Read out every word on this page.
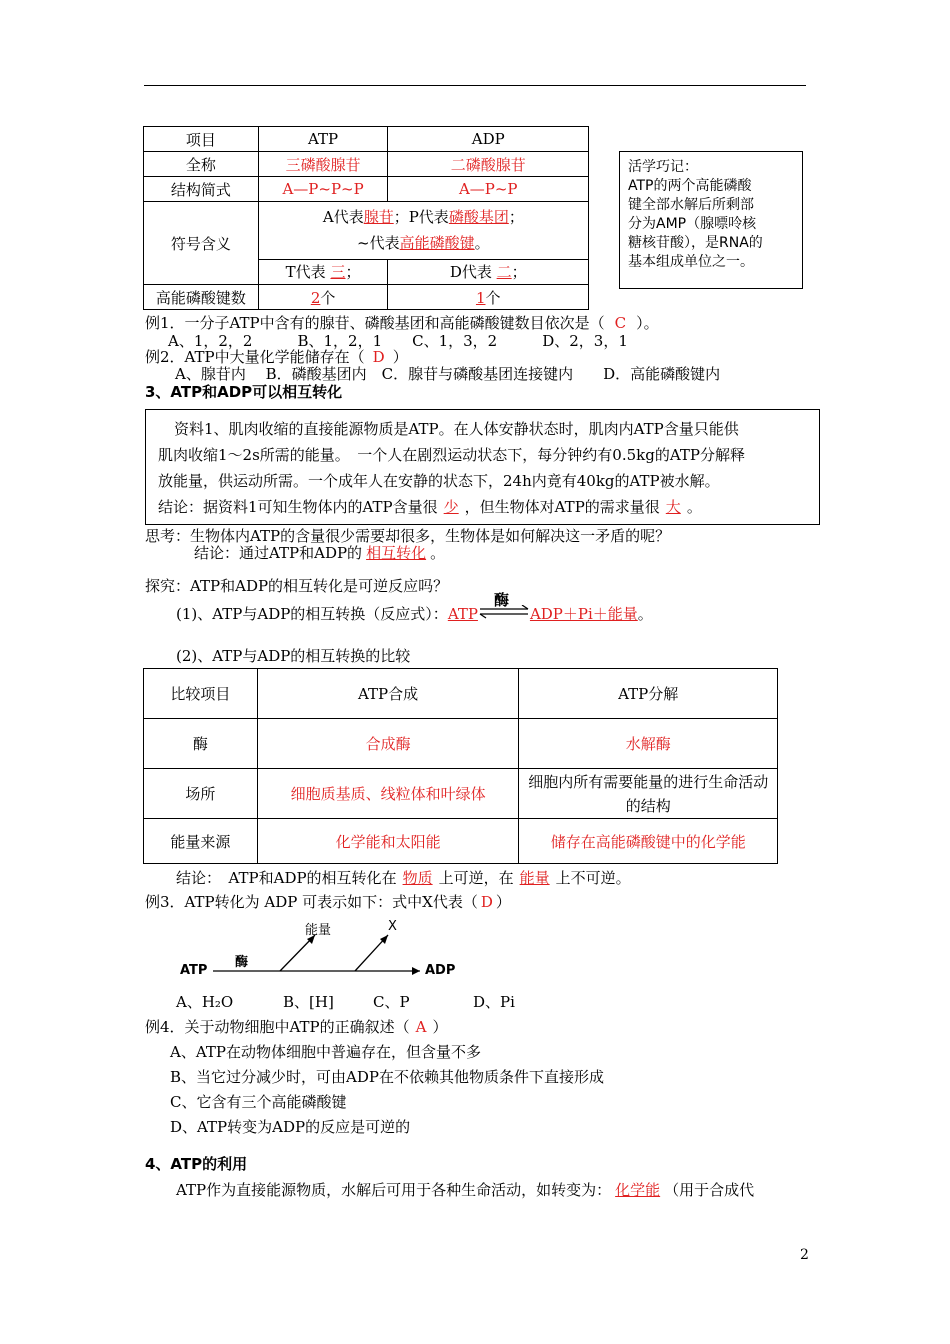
项目	ATP	ADP
全称	三磷酸腺苷	二磷酸腺苷
结构简式	A—P~P~P	A—P~P
符号含义	A代表腺苷；P代表磷酸基团；
~代表高能磷酸键。	
	T代表 三；	D代表 二；
高能磷酸键数	2个	1个
活学巧记：
ATP的两个高能磷酸
键全部水解后所剩部
分为AMP（腺嘌呤核
糖核苷酸），是RNA的
基本组成单位之一。
例1．一分子ATP中含有的腺苷、磷酸基团和高能磷酸键数目依次是（ C ）。
A、1，2，2　　　B、1，2，1　　C、1，3，2　　　D、2，3，1
例2．ATP中大量化学能储存在（ D ）
A、腺苷内　 B．磷酸基团内　C．腺苷与磷酸基团连接键内　　D．高能磷酸键内
3、ATP和ADP可以相互转化
资料1、肌肉收缩的直接能源物质是ATP。在人体安静状态时，肌肉内ATP含量只能供
肌肉收缩1～2s所需的能量。　一个人在剧烈运动状态下，每分钟约有0.5kg的ATP分解释
放能量，供运动所需。一个成年人在安静的状态下，24h内竟有40kg的ATP被水解。
结论：据资料1可知生物体内的ATP含量很 少 ，但生物体对ATP的需求量很 大 。
思考：生物体内ATP的含量很少需要却很多，生物体是如何解决这一矛盾的呢？
结论：通过ATP和ADP的 相互转化 。
探究：ATP和ADP的相互转化是可逆反应吗？
(1)、ATP与ADP的相互转换（反应式）：ATP
酶
ADP＋Pi＋能量。
(2)、ATP与ADP的相互转换的比较
比较项目	ATP合成	ATP分解
酶	合成酶	水解酶
场所	细胞质基质、线粒体和叶绿体	细胞内所有需要能量的进行生命活动的结构
能量来源	化学能和太阳能	储存在高能磷酸键中的化学能
结论：　ATP和ADP的相互转化在 物质 上可逆，在 能量 上不可逆。
例3．ATP转化为 ADP 可表示如下：式中X代表（ D ）
ATP
酶
能量	X
ADP
A、H₂O	B、[H]	C、P	D、Pi
例4．关于动物细胞中ATP的正确叙述（ A ）
A、ATP在动物体细胞中普遍存在，但含量不多
B、当它过分减少时，可由ADP在不依赖其他物质条件下直接形成
C、它含有三个高能磷酸键
D、ATP转变为ADP的反应是可逆的
4、ATP的利用
ATP作为直接能源物质，水解后可用于各种生命活动，如转变为： 化学能 （用于合成代
2
